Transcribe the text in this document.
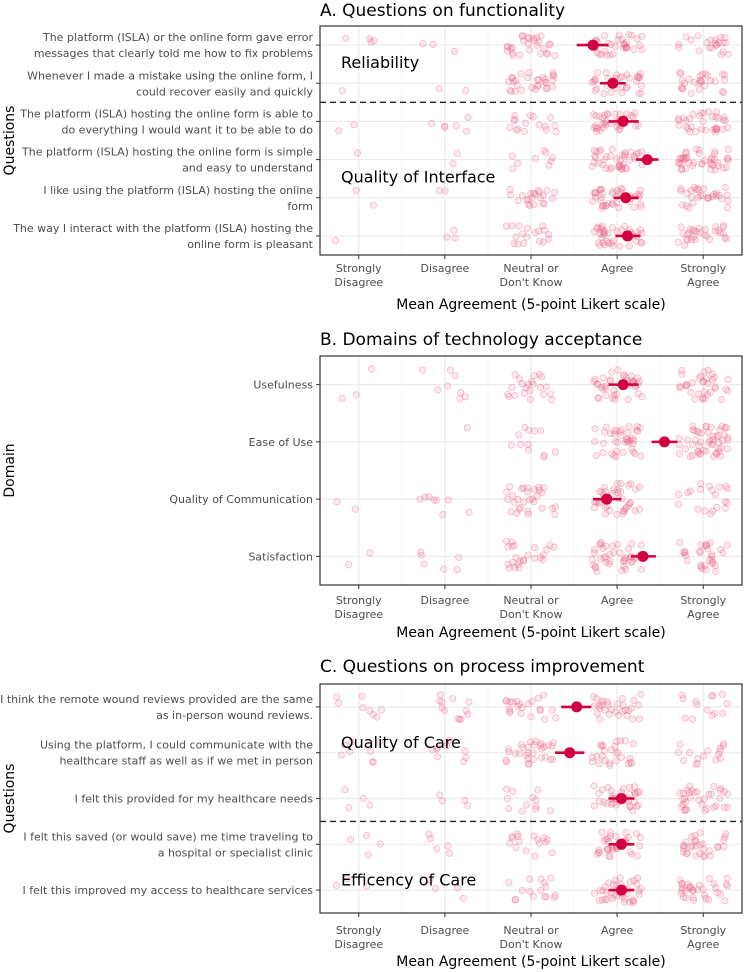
Reliability
Quality of Interface
The platform (ISLA) or the online form gave error
messages that clearly told me how to fix problems
Whenever I made a mistake using the online form, I
could recover easily and quickly
The platform (ISLA) hosting the online form is able to
do everything I would want it to be able to do
The platform (ISLA) hosting the online form is simple
and easy to understand
I like using the platform (ISLA) hosting the online
form
The way I interact with the platform (ISLA) hosting the
online form is pleasant
Strongly
Disagree
Disagree	Neutral or
Don't Know
Agree	Strongly
Agree
A. Questions on functionality
Mean Agreement (5-point Likert scale)
Questions
Usefulness
Ease of Use
Quality of Communication
Satisfaction
Strongly
Disagree
Disagree	Neutral or
Don't Know
Agree	Strongly
Agree
B. Domains of technology acceptance
Mean Agreement (5-point Likert scale)
Domain
Quality of Care
Efficency of Care
I think the remote wound reviews provided are the same
as in-person wound reviews.
Using the platform, I could communicate with the
healthcare staff as well as if we met in person
I felt this provided for my healthcare needs
I felt this saved (or would save) me time traveling to
a hospital or specialist clinic
I felt this improved my access to healthcare services
Strongly
Disagree
Disagree	Neutral or
Don't Know
Agree	Strongly
Agree
C. Questions on process improvement
Mean Agreement (5-point Likert scale)
Questions
